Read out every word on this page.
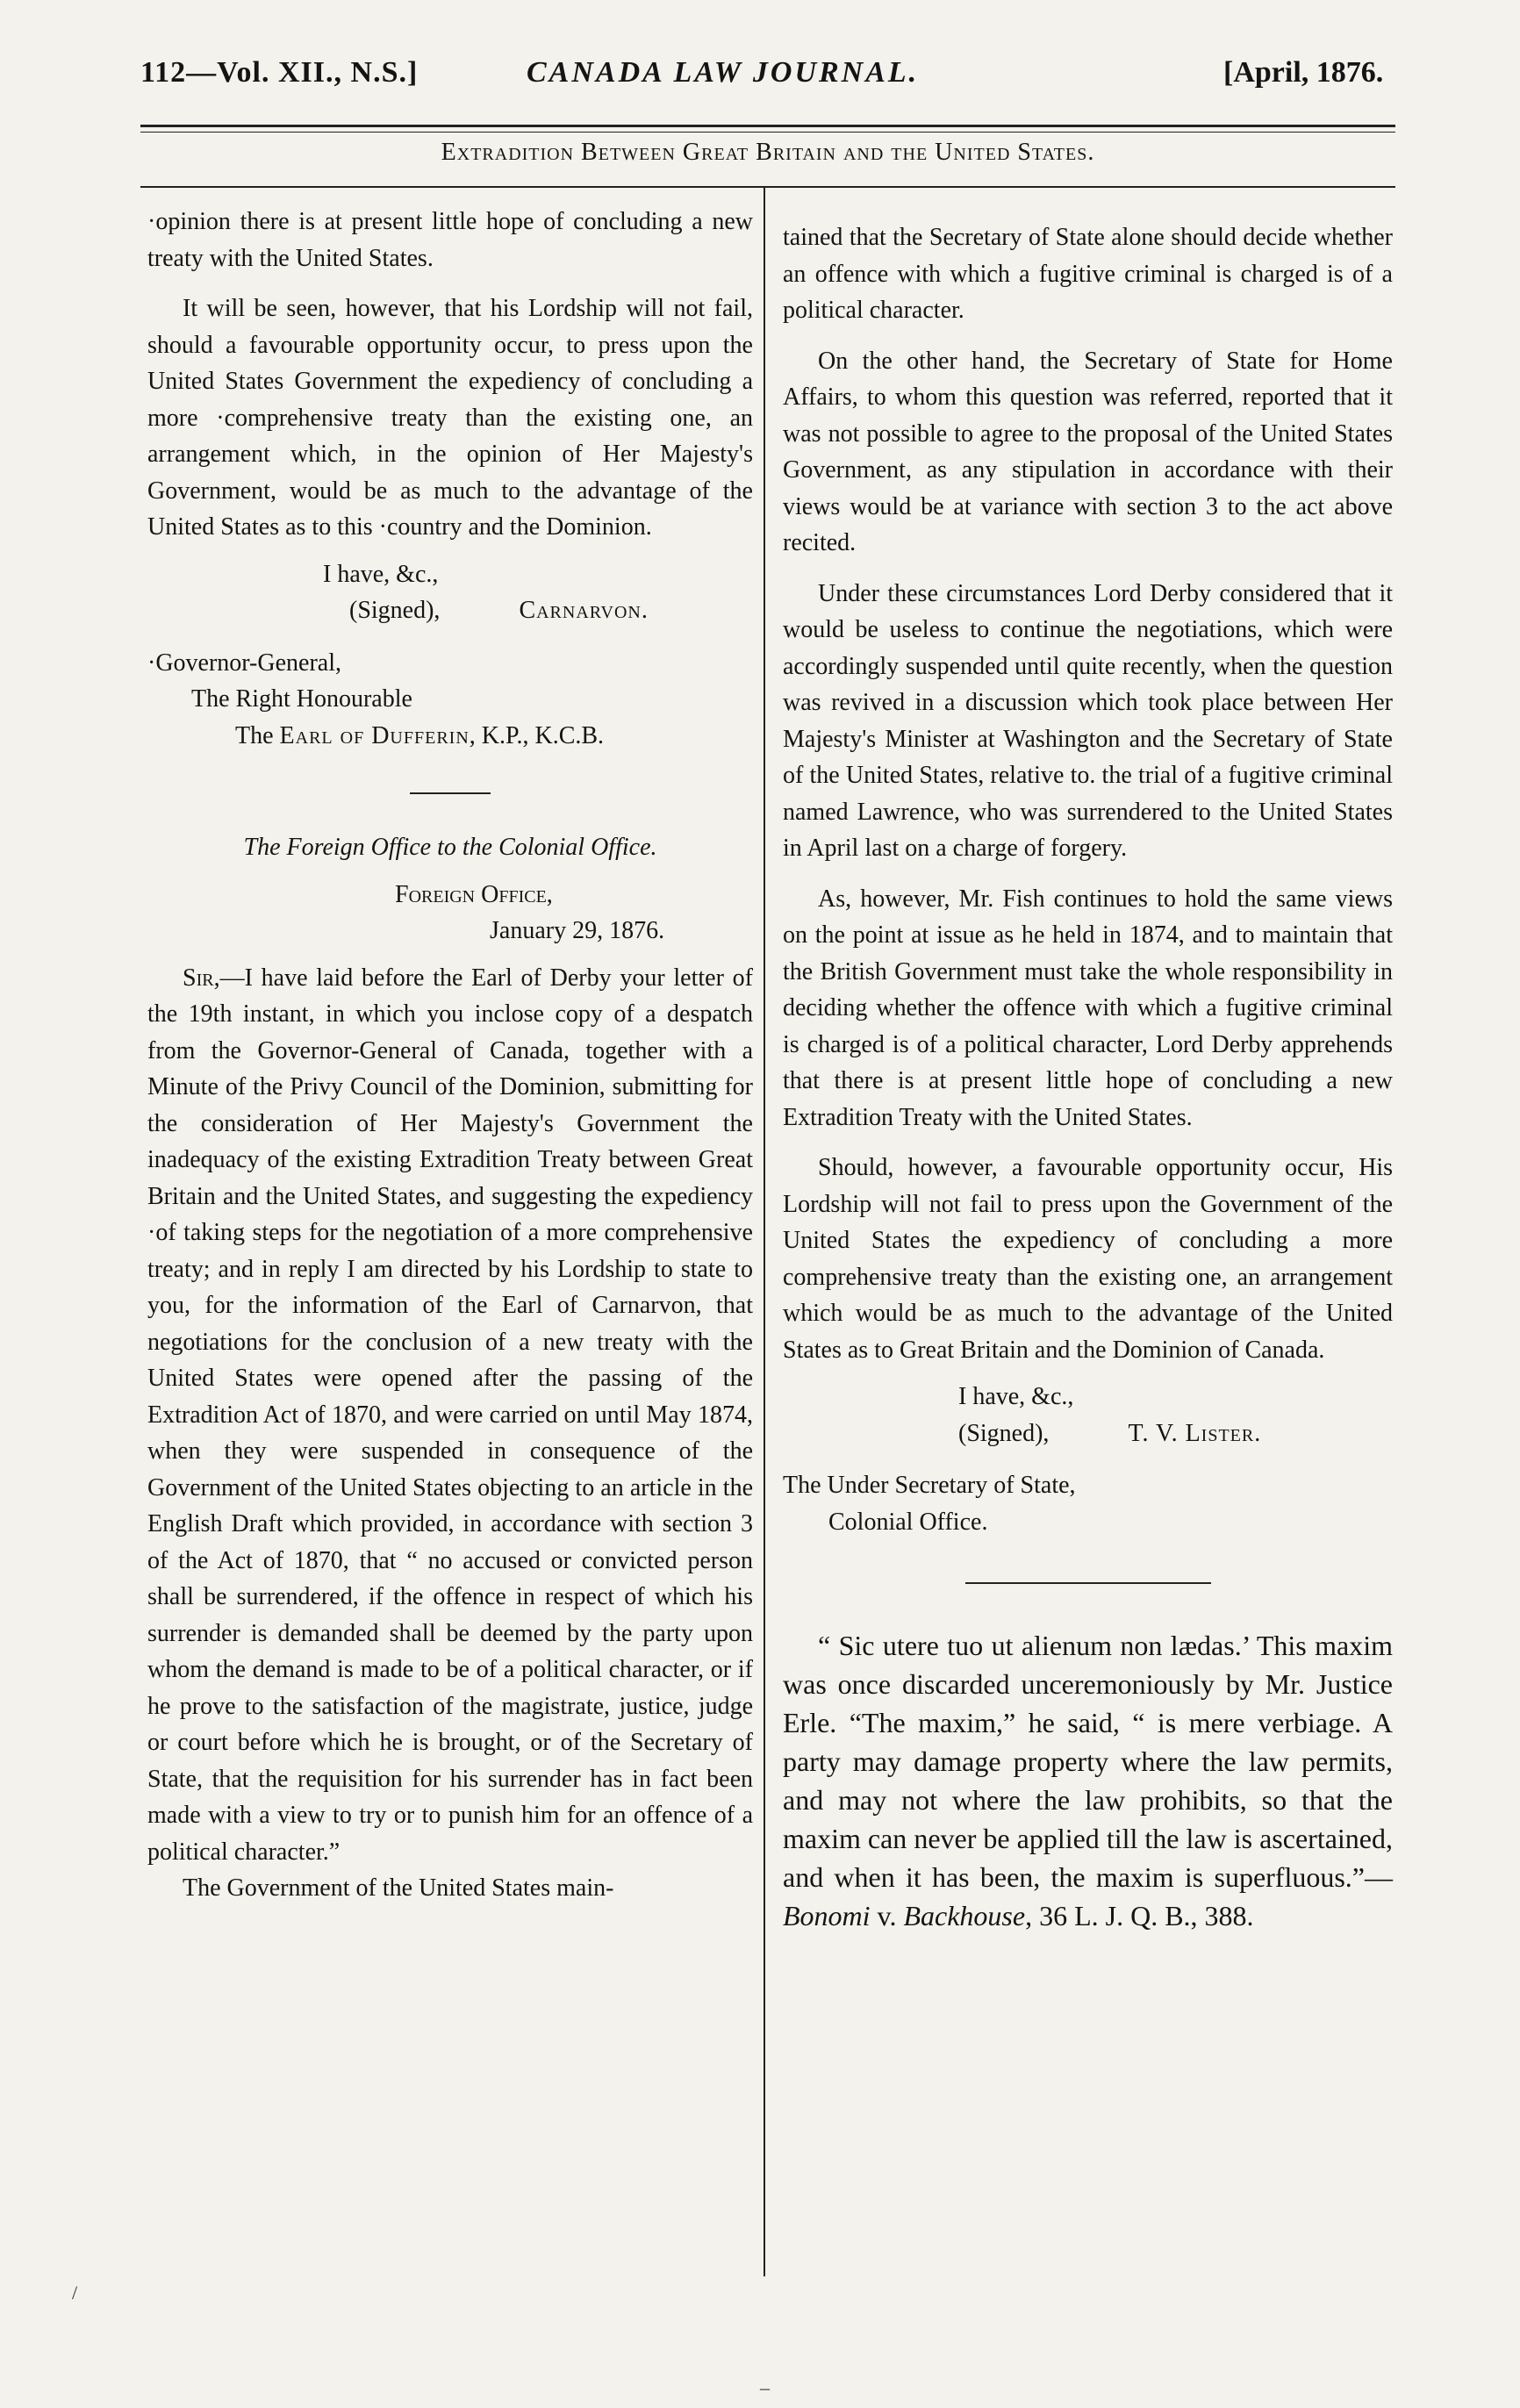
112—Vol. XII., N.S.]	CANADA LAW JOURNAL.	[April, 1876.
Extradition Between Great Britain and the United States.

·opinion there is at present little hope of concluding a new treaty with the United States.

It will be seen, however, that his Lordship will not fail, should a favourable opportunity occur, to press upon the United States Government the expediency of concluding a more ·comprehensive treaty than the existing one, an arrangement which, in the opinion of Her Majesty's Government, would be as much to the advantage of the United States as to this ·country and the Dominion.

I have, &c.,
(Signed),	Carnarvon.
·Governor-General,
The Right Honourable
The Earl of Dufferin, K.P., K.C.B.
The Foreign Office to the Colonial Office.
Foreign Office,
January 29, 1876.

Sir,—I have laid before the Earl of Derby your letter of the 19th instant, in which you inclose copy of a despatch from the Governor-General of Canada, together with a Minute of the Privy Council of the Dominion, submitting for the consideration of Her Majesty's Government the inadequacy of the existing Extradition Treaty between Great Britain and the United States, and suggesting the expediency ·of taking steps for the negotiation of a more comprehensive treaty; and in reply I am directed by his Lordship to state to you, for the information of the Earl of Carnarvon, that negotiations for the conclusion of a new treaty with the United States were opened after the passing of the Extradition Act of 1870, and were carried on until May 1874, when they were suspended in consequence of the Government of the United States objecting to an article in the English Draft which provided, in accordance with section 3 of the Act of 1870, that “ no accused or convicted person shall be surrendered, if the offence in respect of which his surrender is demanded shall be deemed by the party upon whom the demand is made to be of a political character, or if he prove to the satisfaction of the magistrate, justice, judge or court before which he is brought, or of the Secretary of State, that the requisition for his surrender has in fact been made with a view to try or to punish him for an offence of a political character.”

The Government of the United States main-

tained that the Secretary of State alone should decide whether an offence with which a fugitive criminal is charged is of a political character.

On the other hand, the Secretary of State for Home Affairs, to whom this question was referred, reported that it was not possible to agree to the proposal of the United States Government, as any stipulation in accordance with their views would be at variance with section 3 to the act above recited.

Under these circumstances Lord Derby considered that it would be useless to continue the negotiations, which were accordingly suspended until quite recently, when the question was revived in a discussion which took place between Her Majesty's Minister at Washington and the Secretary of State of the United States, relative to. the trial of a fugitive criminal named Lawrence, who was surrendered to the United States in April last on a charge of forgery.

As, however, Mr. Fish continues to hold the same views on the point at issue as he held in 1874, and to maintain that the British Government must take the whole responsibility in deciding whether the offence with which a fugitive criminal is charged is of a political character, Lord Derby apprehends that there is at present little hope of concluding a new Extradition Treaty with the United States.

Should, however, a favourable opportunity occur, His Lordship will not fail to press upon the Government of the United States the expediency of concluding a more comprehensive treaty than the existing one, an arrangement which would be as much to the advantage of the United States as to Great Britain and the Dominion of Canada.

I have, &c.,
(Signed),	T. V. Lister.
The Under Secretary of State,
Colonial Office.

“ Sic utere tuo ut alienum non lædas.’ This maxim was once discarded unceremoniously by Mr. Justice Erle. “The maxim,” he said, “ is mere verbiage. A party may damage property where the law permits, and may not where the law prohibits, so that the maxim can never be applied till the law is ascertained, and when it has been, the maxim is superfluous.”—Bonomi v. Backhouse, 36 L. J. Q. B., 388.

/
–
